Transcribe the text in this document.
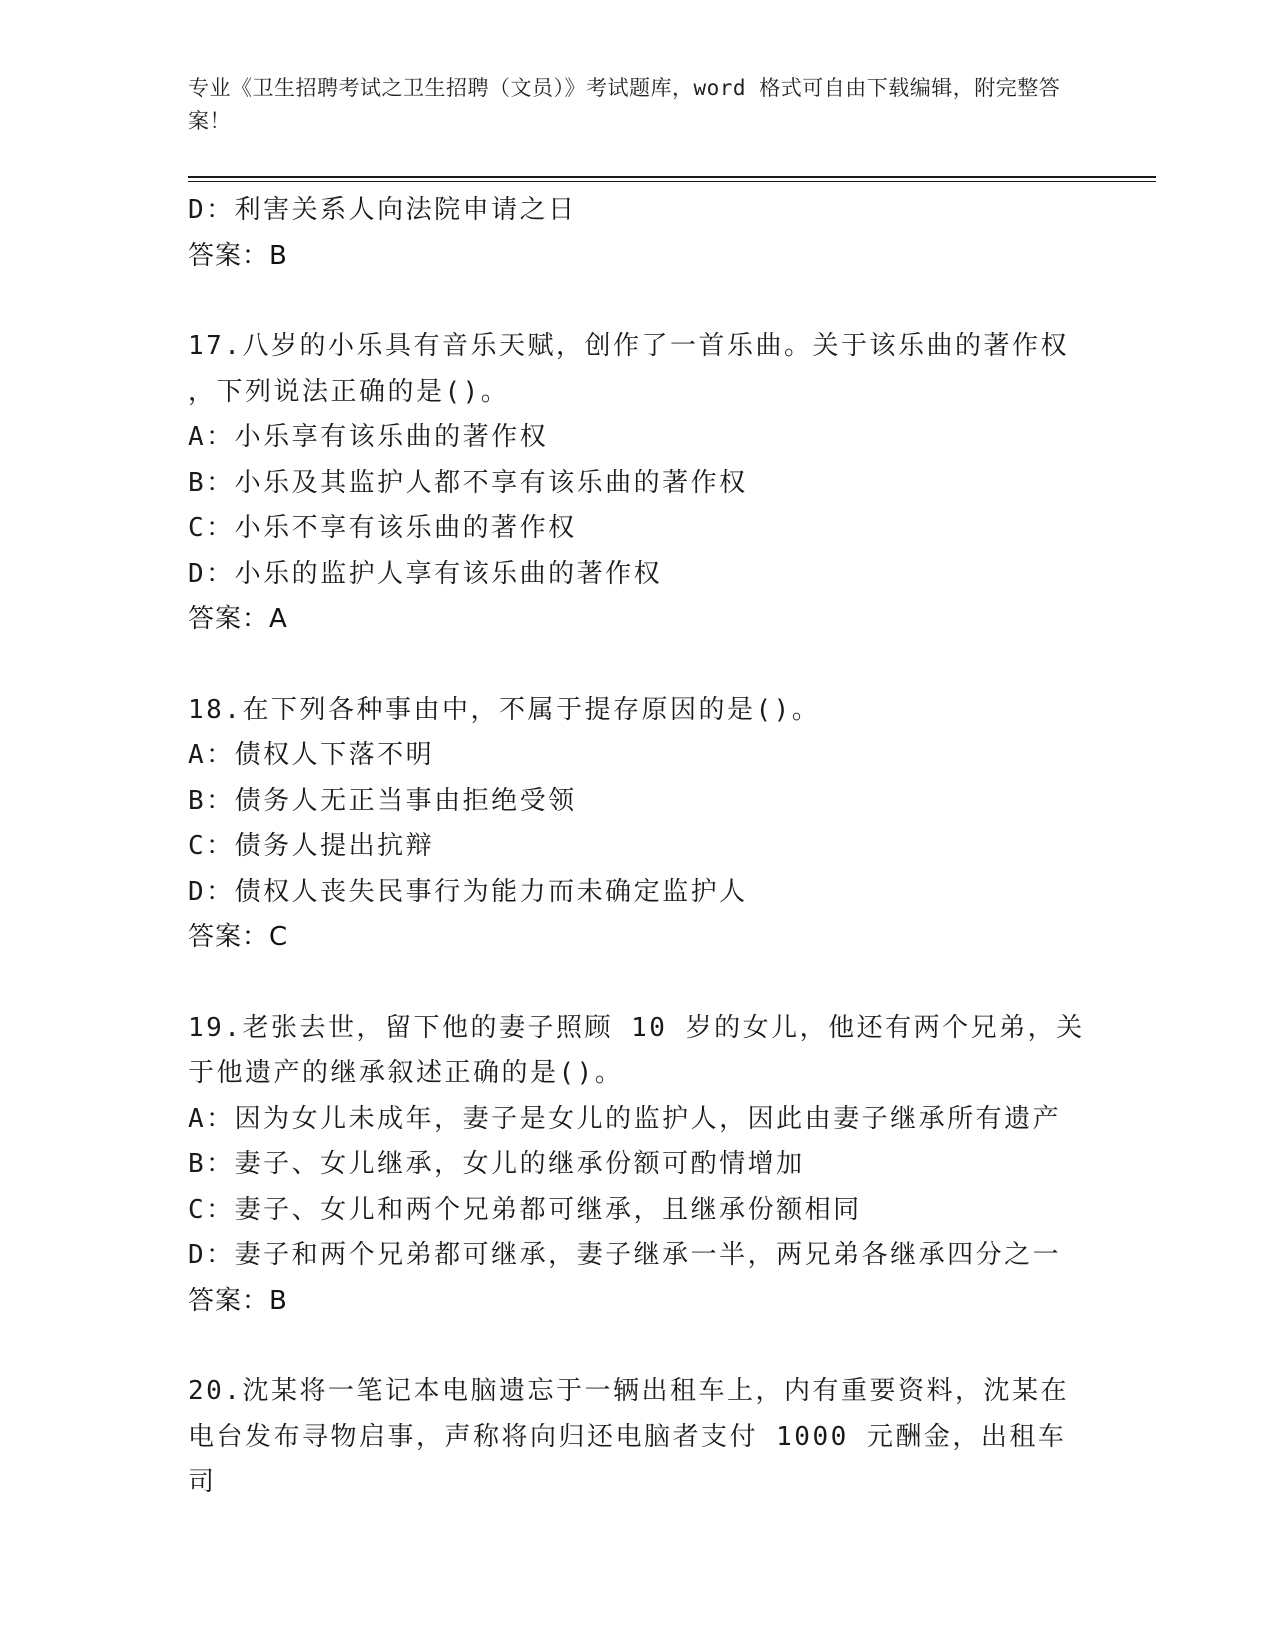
专业《卫生招聘考试之卫生招聘（文员）》考试题库，word 格式可自由下载编辑，附完整答案！
D：利害关系人向法院申请之日
答案：B
17.八岁的小乐具有音乐天赋，创作了一首乐曲。关于该乐曲的著作权
，下列说法正确的是()。
A：小乐享有该乐曲的著作权
B：小乐及其监护人都不享有该乐曲的著作权
C：小乐不享有该乐曲的著作权
D：小乐的监护人享有该乐曲的著作权
答案：A
18.在下列各种事由中，不属于提存原因的是()。
A：债权人下落不明
B：债务人无正当事由拒绝受领
C：债务人提出抗辩
D：债权人丧失民事行为能力而未确定监护人
答案：C
19.老张去世，留下他的妻子照顾 10 岁的女儿，他还有两个兄弟，关
于他遗产的继承叙述正确的是()。
A：因为女儿未成年，妻子是女儿的监护人，因此由妻子继承所有遗产
B：妻子、女儿继承，女儿的继承份额可酌情增加
C：妻子、女儿和两个兄弟都可继承，且继承份额相同
D：妻子和两个兄弟都可继承，妻子继承一半，两兄弟各继承四分之一
答案：B
20.沈某将一笔记本电脑遗忘于一辆出租车上，内有重要资料，沈某在
电台发布寻物启事，声称将向归还电脑者支付 1000 元酬金，出租车司
